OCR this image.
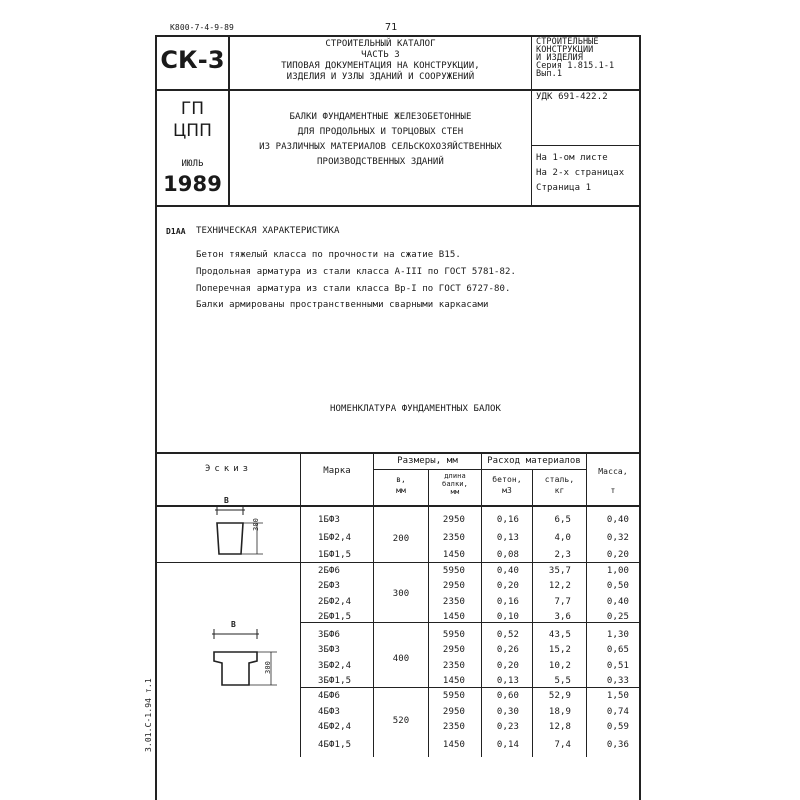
К800-7-4-9-89	71
3.01.С-1.94 т.1
СК-3
СТРОИТЕЛЬНЫЙ КАТАЛОГ
ЧАСТЬ 3
ТИПОВАЯ ДОКУМЕНТАЦИЯ НА КОНСТРУКЦИИ,
ИЗДЕЛИЯ И УЗЛЫ ЗДАНИЙ И СООРУЖЕНИЙ
СТРОИТЕЛЬНЫЕ
КОНСТРУКЦИИ
И ИЗДЕЛИЯ
Серия 1.815.1-1
Вып.1
ГП
ЦПП
ИЮЛЬ
1989
БАЛКИ ФУНДАМЕНТНЫЕ ЖЕЛЕЗОБЕТОННЫЕ
ДЛЯ ПРОДОЛЬНЫХ И ТОРЦОВЫХ СТЕН
ИЗ РАЗЛИЧНЫХ МАТЕРИАЛОВ СЕЛЬСКОХОЗЯЙСТВЕННЫХ
ПРОИЗВОДСТВЕННЫХ ЗДАНИЙ
УДК 691-422.2
На 1-ом листе
На 2-х страницах
Страница 1
D1AA ТЕХНИЧЕСКАЯ ХАРАКТЕРИСТИКА
Бетон тяжелый класса по прочности на сжатие В15.
Продольная арматура из стали класса А-III по ГОСТ 5781-82.
Поперечная арматура из стали класса Вр-I по ГОСТ 6727-80.
Балки армированы пространственными сварными каркасами
НОМЕНКЛАТУРА ФУНДАМЕНТНЫХ БАЛОК
Эскиз	Марка
Размеры, мм
в,
мм
длина
балки,
мм
Расход материалов
бетон,
м3
сталь,
кг
Масса,
т
В
300
В
300
200
1БФ3	2950	0,16	6,5	0,40
1БФ2,4	2350	0,13	4,0	0,32
1БФ1,5	1450	0,08	2,3	0,20
300
2БФ6	5950	0,40	35,7	1,00
2БФ3	2950	0,20	12,2	0,50
2БФ2,4	2350	0,16	7,7	0,40
2БФ1,5	1450	0,10	3,6	0,25
400
3БФ6	5950	0,52	43,5	1,30
3БФ3	2950	0,26	15,2	0,65
3БФ2,4	2350	0,20	10,2	0,51
3БФ1,5	1450	0,13	5,5	0,33
520
4БФ6	5950	0,60	52,9	1,50
4БФ3	2950	0,30	18,9	0,74
4БФ2,4	2350	0,23	12,8	0,59
4БФ1,5	1450	0,14	7,4	0,36
